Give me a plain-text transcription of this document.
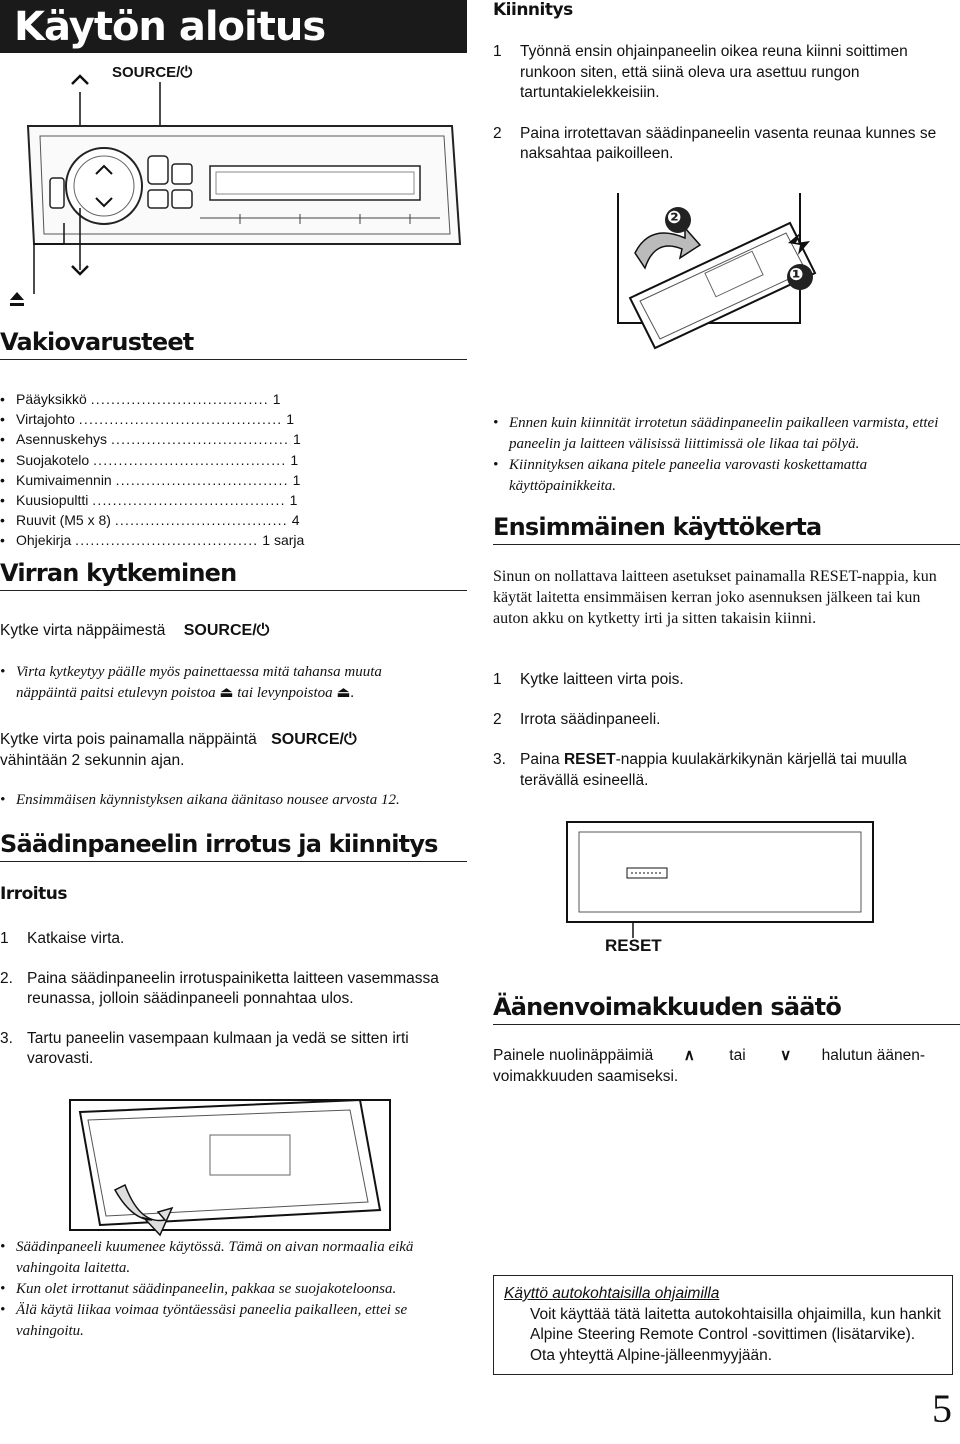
Käytön aloitus
SOURCE/⏻
Vakiovarusteet
• Pääyksikkö ................................... 1
• Virtajohto ........................................ 1
• Asennuskehys ................................... 1
• Suojakotelo ...................................... 1
• Kumivaimennin .................................. 1
• Kuusiopultti ...................................... 1
• Ruuvit (M5 x 8) .................................. 4
• Ohjekirja .................................... 1 sarja
Virran kytkeminen
Kytke virta näppäimestä SOURCE/⏻
• Virta kytkeytyy päälle myös painettaessa mitä tahansa muuta
näppäintä paitsi etulevyn poistoa ⏏ tai levynpoistoa ⏏.
Kytke virta pois painamalla näppäintä SOURCE/⏻
vähintään 2 sekunnin ajan.
• Ensimmäisen käynnistyksen aikana äänitaso nousee arvosta 12.
Säädinpaneelin irrotus ja kiinnitys
Irroitus
1 Katkaise virta.
2. Paina säädinpaneelin irrotuspainiketta laitteen vasemmassa reunassa, jolloin säädinpaneeli ponnahtaa ulos.
3. Tartu paneelin vasempaan kulmaan ja vedä se sitten irti varovasti.
• Säädinpaneeli kuumenee käytössä. Tämä on aivan normaalia eikä vahingoita laitetta.
• Kun olet irrottanut säädinpaneelin, pakkaa se suojakoteloonsa.
• Älä käytä liikaa voimaa työntäessäsi paneelia paikalleen, ettei se vahingoitu.
Kiinnitys
1 Työnnä ensin ohjainpaneelin oikea reuna kiinni soittimen runkoon siten, että siinä oleva ura asettuu rungon tartuntakielekkeisiin.
2 Paina irrotettavan säädinpaneelin vasenta reunaa kunnes se naksahtaa paikoilleen.
❷
❶
• Ennen kuin kiinnität irrotetun säädinpaneelin paikalleen varmista, ettei paneelin ja laitteen välisissä liittimissä ole likaa tai pölyä.
• Kiinnityksen aikana pitele paneelia varovasti koskettamatta käyttöpainikkeita.
Ensimmäinen käyttökerta
Sinun on nollattava laitteen asetukset painamalla RESET-nappia, kun käytät laitetta ensimmäisen kerran joko asennuksen jälkeen tai kun auton akku on kytketty irti ja sitten takaisin kiinni.
1 Kytke laitteen virta pois.
2 Irrota säädinpaneeli.
3. Paina RESET-nappia kuulakärkikynän kärjellä tai muulla terävällä esineellä.
RESET
Äänenvoimakkuuden säätö
Painele nuolinäppäimiä ∧ tai ∨ halutun äänen-
voimakkuuden saamiseksi.
Käyttö autokohtaisilla ohjaimilla
Voit käyttää tätä laitetta autokohtaisilla ohjaimilla, kun hankit Alpine Steering Remote Control -sovittimen (lisätarvike). Ota yhteyttä Alpine-jälleenmyyjään.
5
